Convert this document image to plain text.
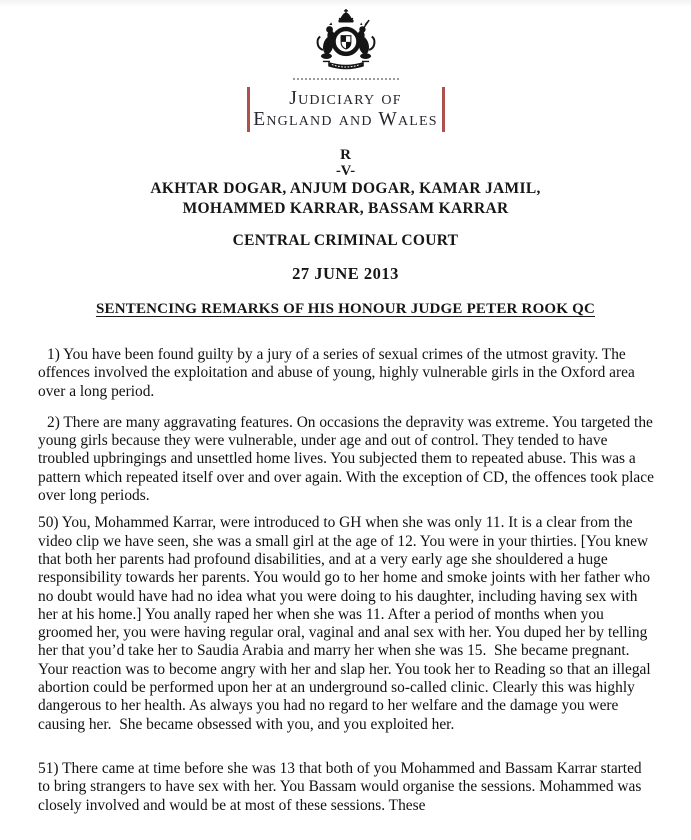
Judiciary of
England and Wales
R
-V-
AKHTAR DOGAR, ANJUM DOGAR, KAMAR JAMIL,
MOHAMMED KARRAR, BASSAM KARRAR
CENTRAL CRIMINAL COURT
27 JUNE 2013
SENTENCING REMARKS OF HIS HONOUR JUDGE PETER ROOK QC

1) You have been found guilty by a jury of a series of sexual crimes of the utmost gravity. The offences involved the exploitation and abuse of young, highly vulnerable girls in the Oxford area over a long period.

2) There are many aggravating features. On occasions the depravity was extreme. You targeted the young girls because they were vulnerable, under age and out of control. They tended to have troubled upbringings and unsettled home lives. You subjected them to repeated abuse. This was a pattern which repeated itself over and over again. With the exception of CD, the offences took place over long periods.

50) You, Mohammed Karrar, were introduced to GH when she was only 11. It is a clear from the video clip we have seen, she was a small girl at the age of 12. You were in your thirties. [You knew that both her parents had profound disabilities, and at a very early age she shouldered a huge responsibility towards her parents. You would go to her home and smoke joints with her father who no doubt would have had no idea what you were doing to his daughter, including having sex with her at his home.] You anally raped her when she was 11. After a period of months when you groomed her, you were having regular oral, vaginal and anal sex with her. You duped her by telling her that you’d take her to Saudia Arabia and marry her when she was 15.  She became pregnant. Your reaction was to become angry with her and slap her. You took her to Reading so that an illegal abortion could be performed upon her at an underground so-called clinic. Clearly this was highly dangerous to her health. As always you had no regard to her welfare and the damage you were causing her.  She became obsessed with you, and you exploited her.

51) There came at time before she was 13 that both of you Mohammed and Bassam Karrar started to bring strangers to have sex with her. You Bassam would organise the sessions. Mohammed was closely involved and would be at most of these sessions. These
